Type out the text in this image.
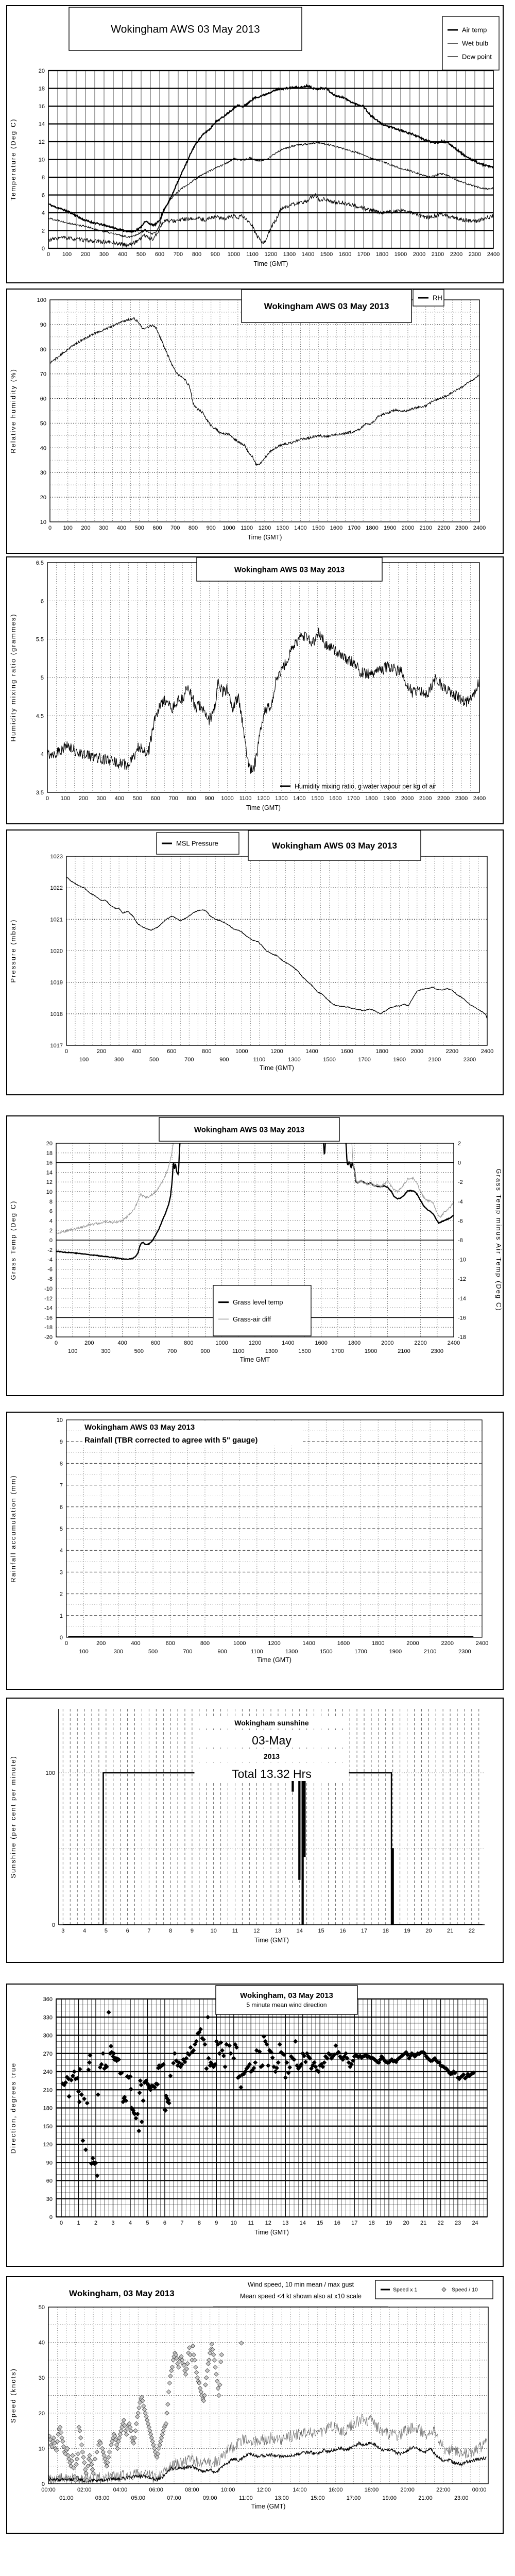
0 100 200 300 400 500 600 700 800 900 1000 1100 1200 1300 1400 1500 1600 1700 1800 1900 2000 2100 2200 2300 2400
Time (GMT)
0
2
4
6
8
10
12
14
16
18
20
Temperature (Deg C)
Wokingham AWS 03 May 2013	Air temp
Wet bulb
Dew point
0 100 200 300 400 500 600 700 800 900 1000 1100 1200 1300 1400 1500 1600 1700 1800 1900 2000 2100 2200 2300 2400
Time (GMT)
10
20
30
40
50
60
70
80
90
100
Relative humidity (%)
Wokingham AWS 03 May 2013
RH
0 100 200 300 400 500 600 700 800 900 1000 1100 1200 1300 1400 1500 1600 1700 1800 1900 2000 2100 2200 2300 2400
Time (GMT)
3.5
4
4.5
5
5.5
6
6.5
Humidity mixing ratio (grammes)
Wokingham AWS 03 May 2013
Humidity mixing ratio, g water vapour per kg of air
0
100
200
300
400
500
600
700
800
900
1000
1100
1200
1300
1400
1500
1600
1700
1800
1900
2000
2100
2200
2300
2400
Time (GMT)
1017
1018
1019
1020
1021
1022
1023
Pressure (mbar)
Wokingham AWS 03 May 2013
MSL Pressure
0
100
200
300
400
500
600
700
800
900
1000
1100
1200
1300
1400
1500
1600
1700
1800
1900
2000
2100
2200
2300
2400
Time GMT
-20
-18
-16
-14
-12
-10
-8
-6
-4
-2
0
2
4
6
8
10
12
14
16
18
20
Grass Temp (Deg C)
-18
-16
-14
-12
-10
-8
-6
-4
-2
0
2
Grass Temp minus Air Temp (Deg C)
Wokingham AWS 03 May 2013
Grass level temp
Grass-air diff
0
100
200
300
400
500
600
700
800
900
1000
1100
1200
1300
1400
1500
1600
1700
1800
1900
2000
2100
2200
2300
2400
Time (GMT)
0
1
2
3
4
5
6
7
8
9
10
Rainfall accumulation (mm)
Wokingham AWS 03 May 2013
Rainfall (TBR corrected to agree with 5" gauge)
3	4	5	6	7	8	9	10	11	12	13	14	15	16	17	18	19	20	21	22
Time (GMT)
0
100
Sunshine (per cent per minute)
Wokingham sunshine
03-May
2013
Total 13.32 Hrs
0 1 2 3 4 5 6 7 8 9 10 11 12 13 14 15 16 17 18 19 20 21 22 23 24
Time (GMT)
0
30
60
90
120
150
180
210
240
270
300
330
360
Direction, degrees true
Wokingham, 03 May 2013
5 minute mean wind direction
00:00
01:00
02:00
03:00
04:00
05:00
06:00
07:00
08:00
09:00
10:00
11:00
12:00
13:00
14:00
15:00
16:00
17:00
18:00
19:00
20:00
21:00
22:00
23:00
00:00
Time (GMT)
0
10
20
30
40
50
Speed (knots)
Wokingham, 03 May 2013
Wind speed, 10 min mean / max gust
Mean speed <4 kt shown also at x10 scale
Speed x 1	Speed / 10
